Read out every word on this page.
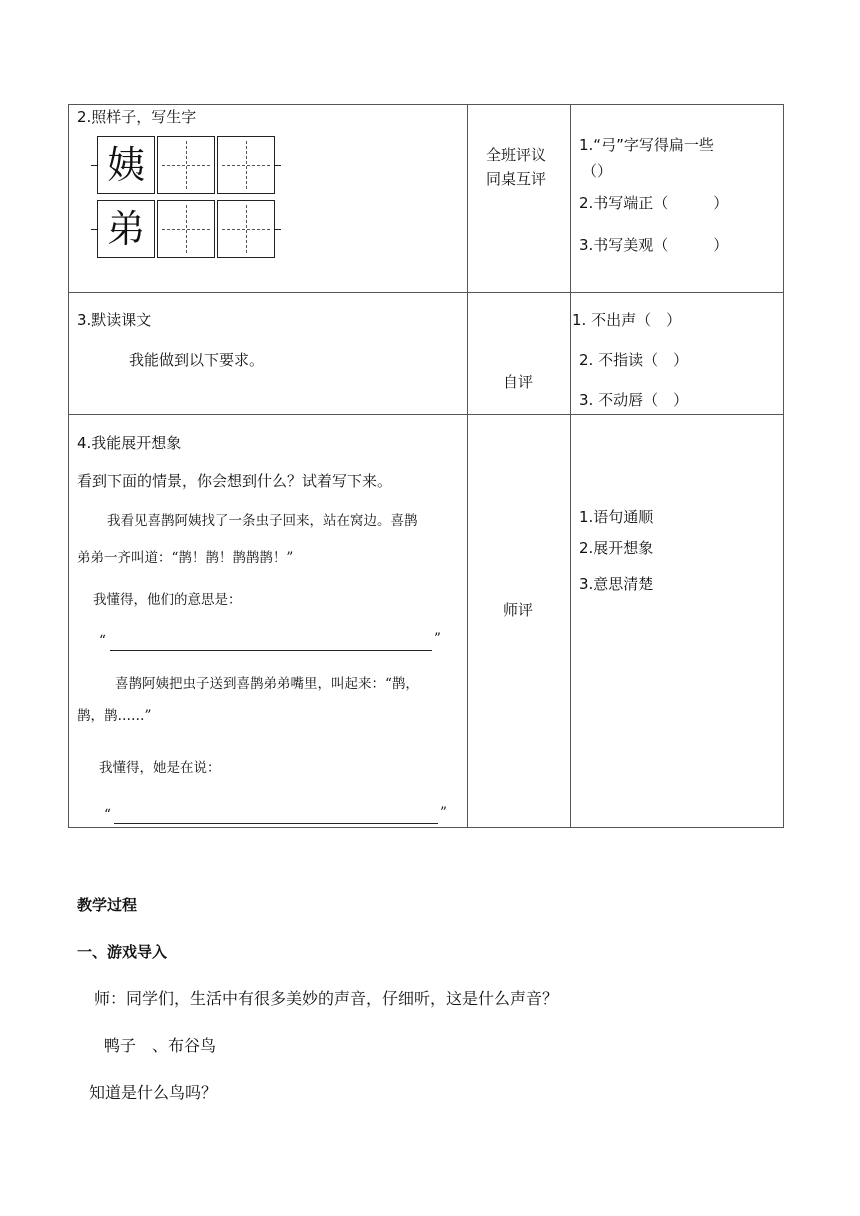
2.照样子，写生字
姨
弟
全班评议
同桌互评
1.“弓”字写得扁一些
（）
2.书写端正（　　　）
3.书写美观（　　　）
3.默读课文
我能做到以下要求。
自评
1. 不出声（　）
2. 不指读（　）
3. 不动唇（　）
4.我能展开想象
看到下面的情景，你会想到什么？试着写下来。
我看见喜鹊阿姨找了一条虫子回来，站在窝边。喜鹊
弟弟一齐叫道：“鹊！鹊！鹊鹊鹊！”
我懂得，他们的意思是：
“	”
喜鹊阿姨把虫子送到喜鹊弟弟嘴里，叫起来：“鹊，
鹊，鹊……”
我懂得，她是在说：
“	”
师评
1.语句通顺
2.展开想象
3.意思清楚
教学过程
一、游戏导入
师：同学们，生活中有很多美妙的声音，仔细听，这是什么声音？
鸭子　、布谷鸟
知道是什么鸟吗？
